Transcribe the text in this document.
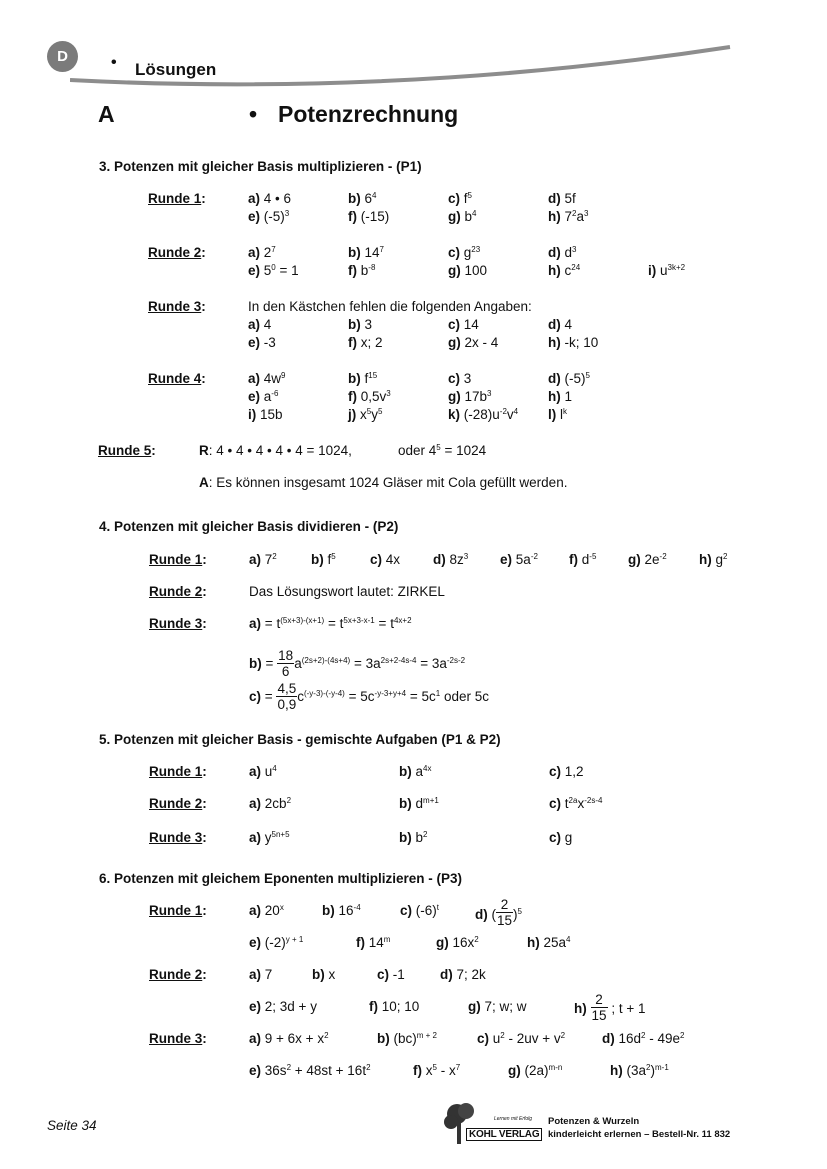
D	• Lösungen
A	• Potenzrechnung
3. Potenzen mit gleicher Basis multiplizieren - (P1)
Runde 1:	a) 4 • 6	b) $6^4$	c) $f^5$	d) 5f
e) $(-5)^3$	f) (-15)	g) $b^4$	h) $7^2a^3$
Runde 2:	a) $2^7$	b) $14^7$	c) $g^{23}$	d) $d^3$
e) $5^0 = 1$	f) $b^{-8}$	g) 100	h) $c^{24}$	i) $u^{3k+2}$
Runde 3:	In den Kästchen fehlen die folgenden Angaben:
a) 4	b) 3	c) 14	d) 4
e) -3	f) x; 2	g) 2x - 4	h) -k; 10
Runde 4:	a) $4w^9$	b) $f^{15}$	c) 3	d) $(-5)^5$
e) $a^{-6}$	f) $0,5v^3$	g) $17b^3$	h) 1
i) 15b	j) $x^5y^5$	k) $(-28)u^{-2}v^4$ l) $l^k$
Runde 5:	R: 4 • 4 • 4 • 4 • 4 = 1024,	oder $4^5 = 1024$
A: Es können insgesamt 1024 Gläser mit Cola gefüllt werden.
4. Potenzen mit gleicher Basis dividieren - (P2)
Runde 1:	a) $7^2$	b) $f^5$	c) 4x d) $8z^3$ e) $5a^{-2}$ f) $d^{-5}$ g) $2e^{-2}$ h) $g^2$
Runde 2:	Das Lösungswort lautet: ZIRKEL
Runde 3:	$a) = t^{(5x+3)-(x+1)} = t^{5x+3-x-1} = t^{4x+2}$
$b) = \frac{18}{6} a^{(2s+2)-(4s+4)} = 3a^{2s+2-4s-4} = 3a^{-2s-2}$
$c) = \frac{4,5}{0,9} c^{(-y-3)-(-y-4)} = 5c^{-y-3+y+4} = 5c^1$ oder 5c
5. Potenzen mit gleicher Basis - gemischte Aufgaben (P1 & P2)
Runde 1:	a) $u^4$	b) $a^{4x}$	c) 1,2
Runde 2:	a) $2cb^2$	b) $d^{m+1}$	c) $t^{2a}x^{-2s-4}$
Runde 3:	a) $y^{5n+5}$	b) $b^2$	c) g
6. Potenzen mit gleichem Eponenten multiplizieren - (P3)
Runde 1:	a) 20$^x$	b) $16^{-4}$	c) $(-6)^t$	d) ( $\frac{2}{15} )^5$
e) $(-2)^{y + 1}$	f) 14$^m$	g) $16x^2$	h) $25a^4$
Runde 2:	a) 7	b) x	c) -1	d) 7; 2k
e) 2; 3d + y	f) 10; 10	g) 7; w; w	$h) \frac{2}{15}$ ; t + 1
Runde 3:	a) $9 + 6x + x^2$	b) (bc)$^{m + 2}$	c) $u^2 - 2uv + v^2$	d) $16d^2 - 49e^2$
e) $36s^2 + 48st + 16t^2$	f) $x^5 - x^7$	g) $(2a)^{m-n}$	h) $(3a^2)^{m-1}$
Seite 34	Lernen mit Erfolg
KOHL VERLAG
Potenzen & Wurzeln
kinderleicht erlernen – Bestell-Nr. 11 832
